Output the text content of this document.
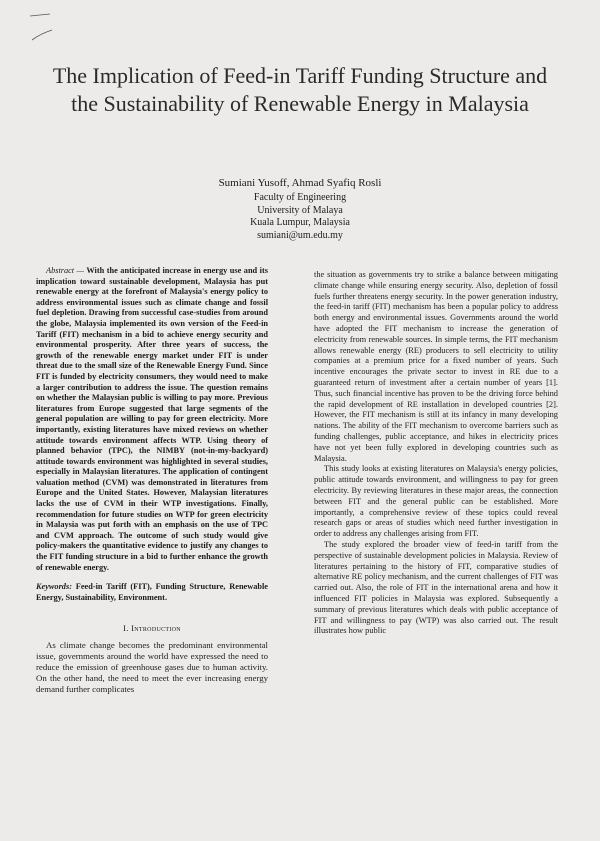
The Implication of Feed-in Tariff Funding Structure and the Sustainability of Renewable Energy in Malaysia
Sumiani Yusoff, Ahmad Syafiq Rosli
Faculty of Engineering
University of Malaya
Kuala Lumpur, Malaysia
sumiani@um.edu.my

Abstract — With the anticipated increase in energy use and its implication toward sustainable development, Malaysia has put renewable energy at the forefront of Malaysia's energy policy to address environmental issues such as climate change and fossil fuel depletion. Drawing from successful case-studies from around the globe, Malaysia implemented its own version of the Feed-in Tariff (FIT) mechanism in a bid to achieve energy security and environmental prosperity. After three years of success, the growth of the renewable energy market under FIT is under threat due to the small size of the Renewable Energy Fund. Since FIT is funded by electricity consumers, they would need to make a larger contribution to address the issue. The question remains on whether the Malaysian public is willing to pay more. Previous literatures from Europe suggested that large segments of the general population are willing to pay for green electricity. More importantly, existing literatures have mixed reviews on whether attitude towards environment affects WTP. Using theory of planned behavior (TPC), the NIMBY (not-in-my-backyard) attitude towards environment was highlighted in several studies, especially in Malaysian literatures. The application of contingent valuation method (CVM) was demonstrated in literatures from Europe and the United States. However, Malaysian literatures lacks the use of CVM in their WTP investigations. Finally, recommendation for future studies on WTP for green electricity in Malaysia was put forth with an emphasis on the use of TPC and CVM approach. The outcome of such study would give policy-makers the quantitative evidence to justify any changes to the FIT funding structure in a bid to further enhance the growth of renewable energy.

Keywords: Feed-in Tariff (FIT), Funding Structure, Renewable Energy, Sustainability, Environment.

I. Introduction

As climate change becomes the predominant environmental issue, governments around the world have expressed the need to reduce the emission of greenhouse gases due to human activity. On the other hand, the need to meet the ever increasing energy demand further complicates

the situation as governments try to strike a balance between mitigating climate change while ensuring energy security. Also, depletion of fossil fuels further threatens energy security. In the power generation industry, the feed-in tariff (FIT) mechanism has been a popular policy to address both energy and environmental issues. Governments around the world have adopted the FIT mechanism to increase the generation of electricity from renewable sources. In simple terms, the FIT mechanism allows renewable energy (RE) producers to sell electricity to utility companies at a premium price for a fixed number of years. Such incentive encourages the private sector to invest in RE due to a guaranteed return of investment after a certain number of years [1]. Thus, such financial incentive has proven to be the driving force behind the rapid development of RE installation in developed countries [2]. However, the FIT mechanism is still at its infancy in many developing nations. The ability of the FIT mechanism to overcome barriers such as funding challenges, public acceptance, and hikes in electricity prices have not yet been fully explored in developing countries such as Malaysia.

This study looks at existing literatures on Malaysia's energy policies, public attitude towards environment, and willingness to pay for green electricity. By reviewing literatures in these major areas, the connection between FIT and the general public can be established. More importantly, a comprehensive review of these topics could reveal research gaps or areas of studies which need further investigation in order to address any challenges arising from FIT.

The study explored the broader view of feed-in tariff from the perspective of sustainable development policies in Malaysia. Review of literatures pertaining to the history of FIT, comparative studies of alternative RE policy mechanism, and the current challenges of FIT was carried out. Also, the role of FIT in the international arena and how it influenced FIT policies in Malaysia was explored. Subsequently a summary of previous literatures which deals with public acceptance of FIT and willingness to pay (WTP) was also carried out. The result illustrates how public
